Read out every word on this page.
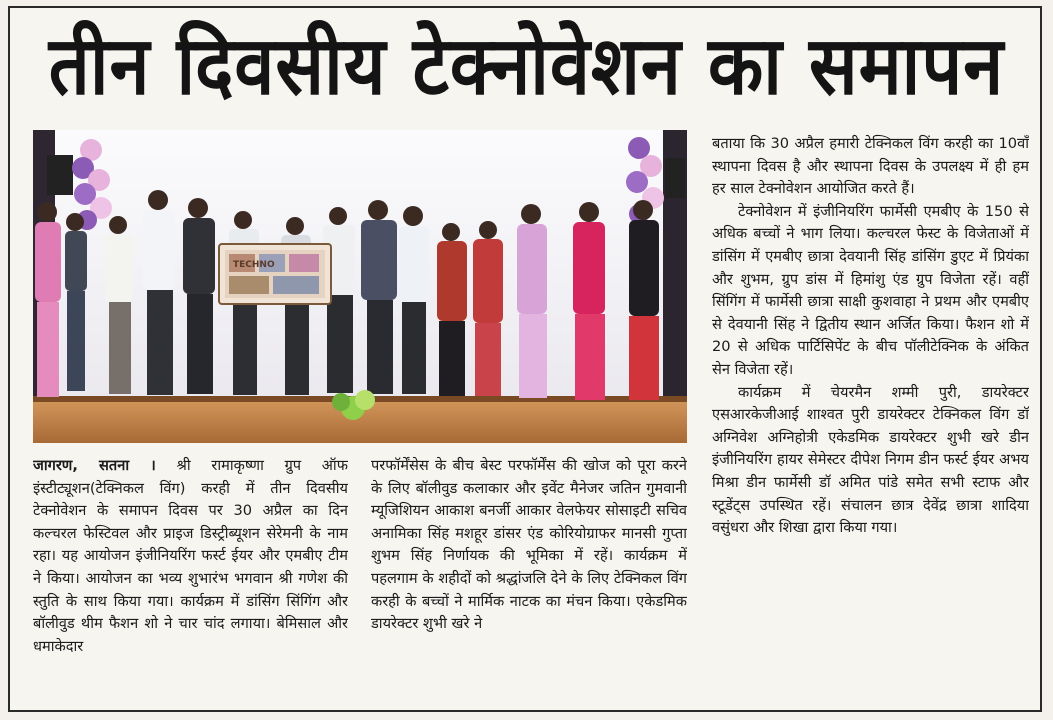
तीन दिवसीय टेक्नोवेशन का समापन
TECHNO

जागरण, सतना । श्री रामाकृष्णा ग्रुप ऑफ इंस्टीट्यूशन(टेक्निकल विंग) करही में तीन दिवसीय टेक्नोवेशन के समापन दिवस पर 30 अप्रैल का दिन कल्चरल फेस्टिवल और प्राइज डिस्ट्रीब्यूशन सेरेमनी के नाम रहा। यह आयोजन इंजीनियरिंग फर्स्ट ईयर और एमबीए टीम ने किया। आयोजन का भव्य शुभारंभ भगवान श्री गणेश की स्तुति के साथ किया गया। कार्यक्रम में डांसिंग सिंगिंग और बॉलीवुड थीम फैशन शो ने चार चांद लगाया। बेमिसाल और धमाकेदार

परफॉर्मेंसेस के बीच बेस्ट परफॉर्मेंस की खोज को पूरा करने के लिए बॉलीवुड कलाकार और इवेंट मैनेजर जतिन गुमवानी म्यूजिशियन आकाश बनर्जी आकार वेलफेयर सोसाइटी सचिव अनामिका सिंह मशहूर डांसर एंड कोरियोग्राफर मानसी गुप्ता शुभम सिंह निर्णायक की भूमिका में रहें। कार्यक्रम में पहलगाम के शहीदों को श्रद्धांजलि देने के लिए टेक्निकल विंग करही के बच्चों ने मार्मिक नाटक का मंचन किया। एकेडमिक डायरेक्टर शुभी खरे ने

बताया कि 30 अप्रैल हमारी टेक्निकल विंग करही का 10वाँ स्थापना दिवस है और स्थापना दिवस के उपलक्ष्य में ही हम हर साल टेक्नोवेशन आयोजित करते हैं।

टेक्नोवेशन में इंजीनियरिंग फार्मेसी एमबीए के 150 से अधिक बच्चों ने भाग लिया। कल्चरल फेस्ट के विजेताओं में डांसिंग में एमबीए छात्रा देवयानी सिंह डांसिंग डुएट में प्रियंका और शुभम, ग्रुप डांस में हिमांशु एंड ग्रुप विजेता रहें। वहीं सिंगिंग में फार्मेसी छात्रा साक्षी कुशवाहा ने प्रथम और एमबीए से देवयानी सिंह ने द्वितीय स्थान अर्जित किया। फैशन शो में 20 से अधिक पार्टिसिपेंट के बीच पॉलीटेक्निक के अंकित सेन विजेता रहें।

कार्यक्रम में चेयरमैन शम्मी पुरी, डायरेक्टर एसआरकेजीआई शाश्वत पुरी डायरेक्टर टेक्निकल विंग डॉ अग्निवेश अग्निहोत्री एकेडमिक डायरेक्टर शुभी खरे डीन इंजीनियरिंग हायर सेमेस्टर दीपेश निगम डीन फर्स्ट ईयर अभय मिश्रा डीन फार्मेसी डॉ अमित पांडे समेत सभी स्टाफ और स्टूडेंट्स उपस्थित रहें। संचालन छात्र देवेंद्र छात्रा शादिया वसुंधरा और शिखा द्वारा किया गया।
